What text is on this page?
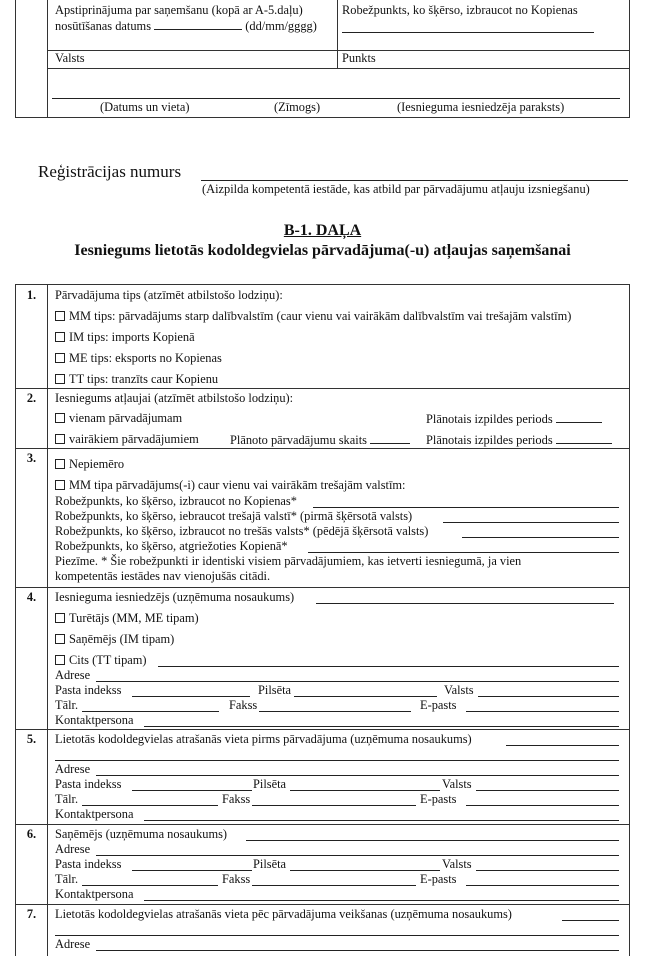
Apstiprinājuma par saņemšanu (kopā ar A-5.daļu)
nosūtīšanas datums	(dd/mm/gggg)
Robežpunkts, ko šķērso, izbraucot no Kopienas
Valsts	Punkts
(Datums un vieta)	(Zīmogs)	(Iesnieguma iesniedzēja paraksts)
Reģistrācijas numurs
(Aizpilda kompetentā iestāde, kas atbild par pārvadājumu atļauju izsniegšanu)
B-1. DAĻA
Iesniegums lietotās kodoldegvielas pārvadājuma(-u) atļaujas saņemšanai
1.	Pārvadājuma tips (atzīmēt atbilstošo lodziņu):
MM tips: pārvadājums starp dalībvalstīm (caur vienu vai vairākām dalībvalstīm vai trešajām valstīm)
IM tips: imports Kopienā
ME tips: eksports no Kopienas
TT tips: tranzīts caur Kopienu
2.	Iesniegums atļaujai (atzīmēt atbilstošo lodziņu):
vienam pārvadājumam	Plānotais izpildes periods
vairākiem pārvadājumiem	Plānoto pārvadājumu skaits	Plānotais izpildes periods
3.	Nepiemēro
MM tipa pārvadājums(-i) caur vienu vai vairākām trešajām valstīm:
Robežpunkts, ko šķērso, izbraucot no Kopienas*
Robežpunkts, ko šķērso, iebraucot trešajā valstī* (pirmā šķērsotā valsts)
Robežpunkts, ko šķērso, izbraucot no trešās valsts* (pēdējā šķērsotā valsts)
Robežpunkts, ko šķērso, atgriežoties Kopienā*
Piezīme. * Šie robežpunkti ir identiski visiem pārvadājumiem, kas ietverti iesniegumā, ja vien
kompetentās iestādes nav vienojušās citādi.
4.	Iesnieguma iesniedzējs (uzņēmuma nosaukums)
Turētājs (MM, ME tipam)
Saņēmējs (IM tipam)
Cits (TT tipam)
Adrese
Pasta indekss	Pilsēta	Valsts
Tālr.	Fakss	E-pasts
Kontaktpersona
5.	Lietotās kodoldegvielas atrašanās vieta pirms pārvadājuma (uzņēmuma nosaukums)
Adrese
Pasta indekss	Pilsēta	Valsts
Tālr.	Fakss	E-pasts
Kontaktpersona
6.	Saņēmējs (uzņēmuma nosaukums)
Adrese
Pasta indekss	Pilsēta	Valsts
Tālr.	Fakss	E-pasts
Kontaktpersona
7.	Lietotās kodoldegvielas atrašanās vieta pēc pārvadājuma veikšanas (uzņēmuma nosaukums)
Adrese
